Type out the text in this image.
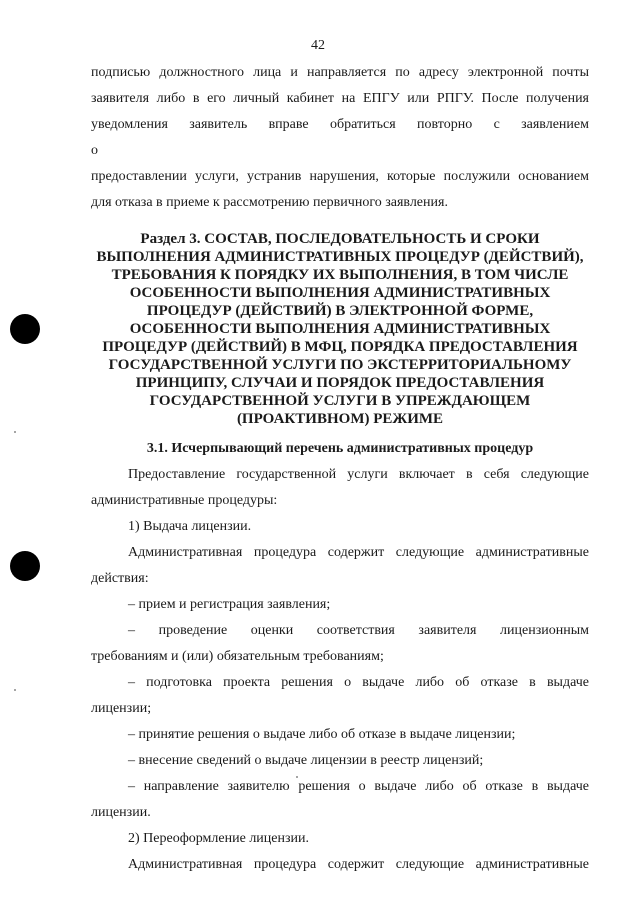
42

подписью должностного лица и направляется по адресу электронной почты

заявителя либо в его личный кабинет на ЕПГУ или РПГУ. После получения

уведомления заявитель вправе обратиться повторно с заявлением о

предоставлении услуги, устранив нарушения, которые послужили основанием

для отказа в приеме к рассмотрению первичного заявления.

Раздел 3. СОСТАВ, ПОСЛЕДОВАТЕЛЬНОСТЬ И СРОКИ
ВЫПОЛНЕНИЯ АДМИНИСТРАТИВНЫХ ПРОЦЕДУР (ДЕЙСТВИЙ),
ТРЕБОВАНИЯ К ПОРЯДКУ ИХ ВЫПОЛНЕНИЯ, В ТОМ ЧИСЛЕ
ОСОБЕННОСТИ ВЫПОЛНЕНИЯ АДМИНИСТРАТИВНЫХ
ПРОЦЕДУР (ДЕЙСТВИЙ) В ЭЛЕКТРОННОЙ ФОРМЕ,
ОСОБЕННОСТИ ВЫПОЛНЕНИЯ АДМИНИСТРАТИВНЫХ
ПРОЦЕДУР (ДЕЙСТВИЙ) В МФЦ, ПОРЯДКА ПРЕДОСТАВЛЕНИЯ
ГОСУДАРСТВЕННОЙ УСЛУГИ ПО ЭКСТЕРРИТОРИАЛЬНОМУ
ПРИНЦИПУ, СЛУЧАИ И ПОРЯДОК ПРЕДОСТАВЛЕНИЯ
ГОСУДАРСТВЕННОЙ УСЛУГИ В УПРЕЖДАЮЩЕМ
(ПРОАКТИВНОМ) РЕЖИМЕ
3.1. Исчерпывающий перечень административных процедур

Предоставление государственной услуги включает в себя следующие

административные процедуры:

1) Выдача лицензии.

Административная процедура содержит следующие административные

действия:

– прием и регистрация заявления;

– проведение оценки соответствия заявителя лицензионным

требованиям и (или) обязательным требованиям;

– подготовка проекта решения о выдаче либо об отказе в выдаче

лицензии;

– принятие решения о выдаче либо об отказе в выдаче лицензии;

– внесение сведений о выдаче лицензии в реестр лицензий;

– направление заявителю решения о выдаче либо об отказе в выдаче

лицензии.

2) Переоформление лицензии.

Административная процедура содержит следующие административные
